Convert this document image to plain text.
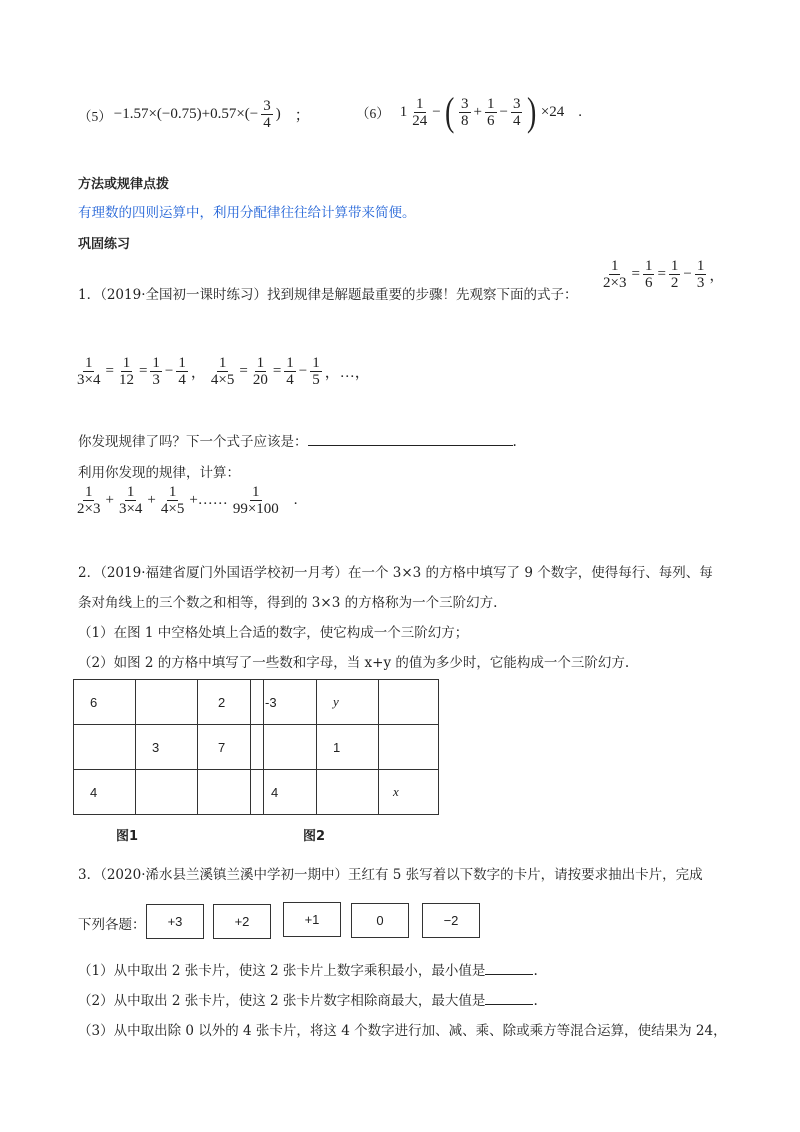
$(5) -1.57\times(-0.75)+0.57\times(- \frac{3}{4}$ ) ；	（6） $1 \frac{1}{24}$ − ( $\frac{3}{8} + \frac{1}{6} - \frac{3}{4}$ ) ×24 .
方法或规律点拨
有理数的四则运算中，利用分配律往往给计算带来简便。
巩固练习
1．（2019·全国初一课时练习）找到规律是解题最重要的步骤！先观察下面的式子：
$\frac{1}{2\times 3} = \frac{1}{6} = \frac{1}{2} - \frac{1}{3}$ ，
$\frac{1}{3\times 4} = \frac{1}{12} = \frac{1}{3} - \frac{1}{4}$ ， $\frac{1}{4\times 5} = \frac{1}{20} = \frac{1}{4} - \frac{1}{5}$ ，…，
你发现规律了吗？下一个式子应该是：	.
利用你发现的规律，计算：
$\frac{1}{2\times 3} + \frac{1}{3\times 4} + \frac{1}{4\times 5}$ +…… $\frac{1}{99\times 100}$ .
2．（2019·福建省厦门外国语学校初一月考）在一个 3×3 的方格中填写了 9 个数字，使得每行、每列、每
条对角线上的三个数之和相等，得到的 3×3 的方格称为一个三阶幻方.
（1）在图 1 中空格处填上合适的数字，使它构成一个三阶幻方；
（2）如图 2 的方格中填写了一些数和字母，当 x+y 的值为多少时，它能构成一个三阶幻方.
6		2
	3	7
4		
-3	y	
	1	
4		x
图1	图2
3．（2020·浠水县兰溪镇兰溪中学初一期中）王红有 5 张写着以下数字的卡片，请按要求抽出卡片，完成
下列各题：	+3	+2	+1	0	−2
（1）从中取出 2 张卡片，使这 2 张卡片上数字乘积最小，最小值是	.
（2）从中取出 2 张卡片，使这 2 张卡片数字相除商最大，最大值是	.
（3）从中取出除 0 以外的 4 张卡片，将这 4 个数字进行加、减、乘、除或乘方等混合运算，使结果为 24，
